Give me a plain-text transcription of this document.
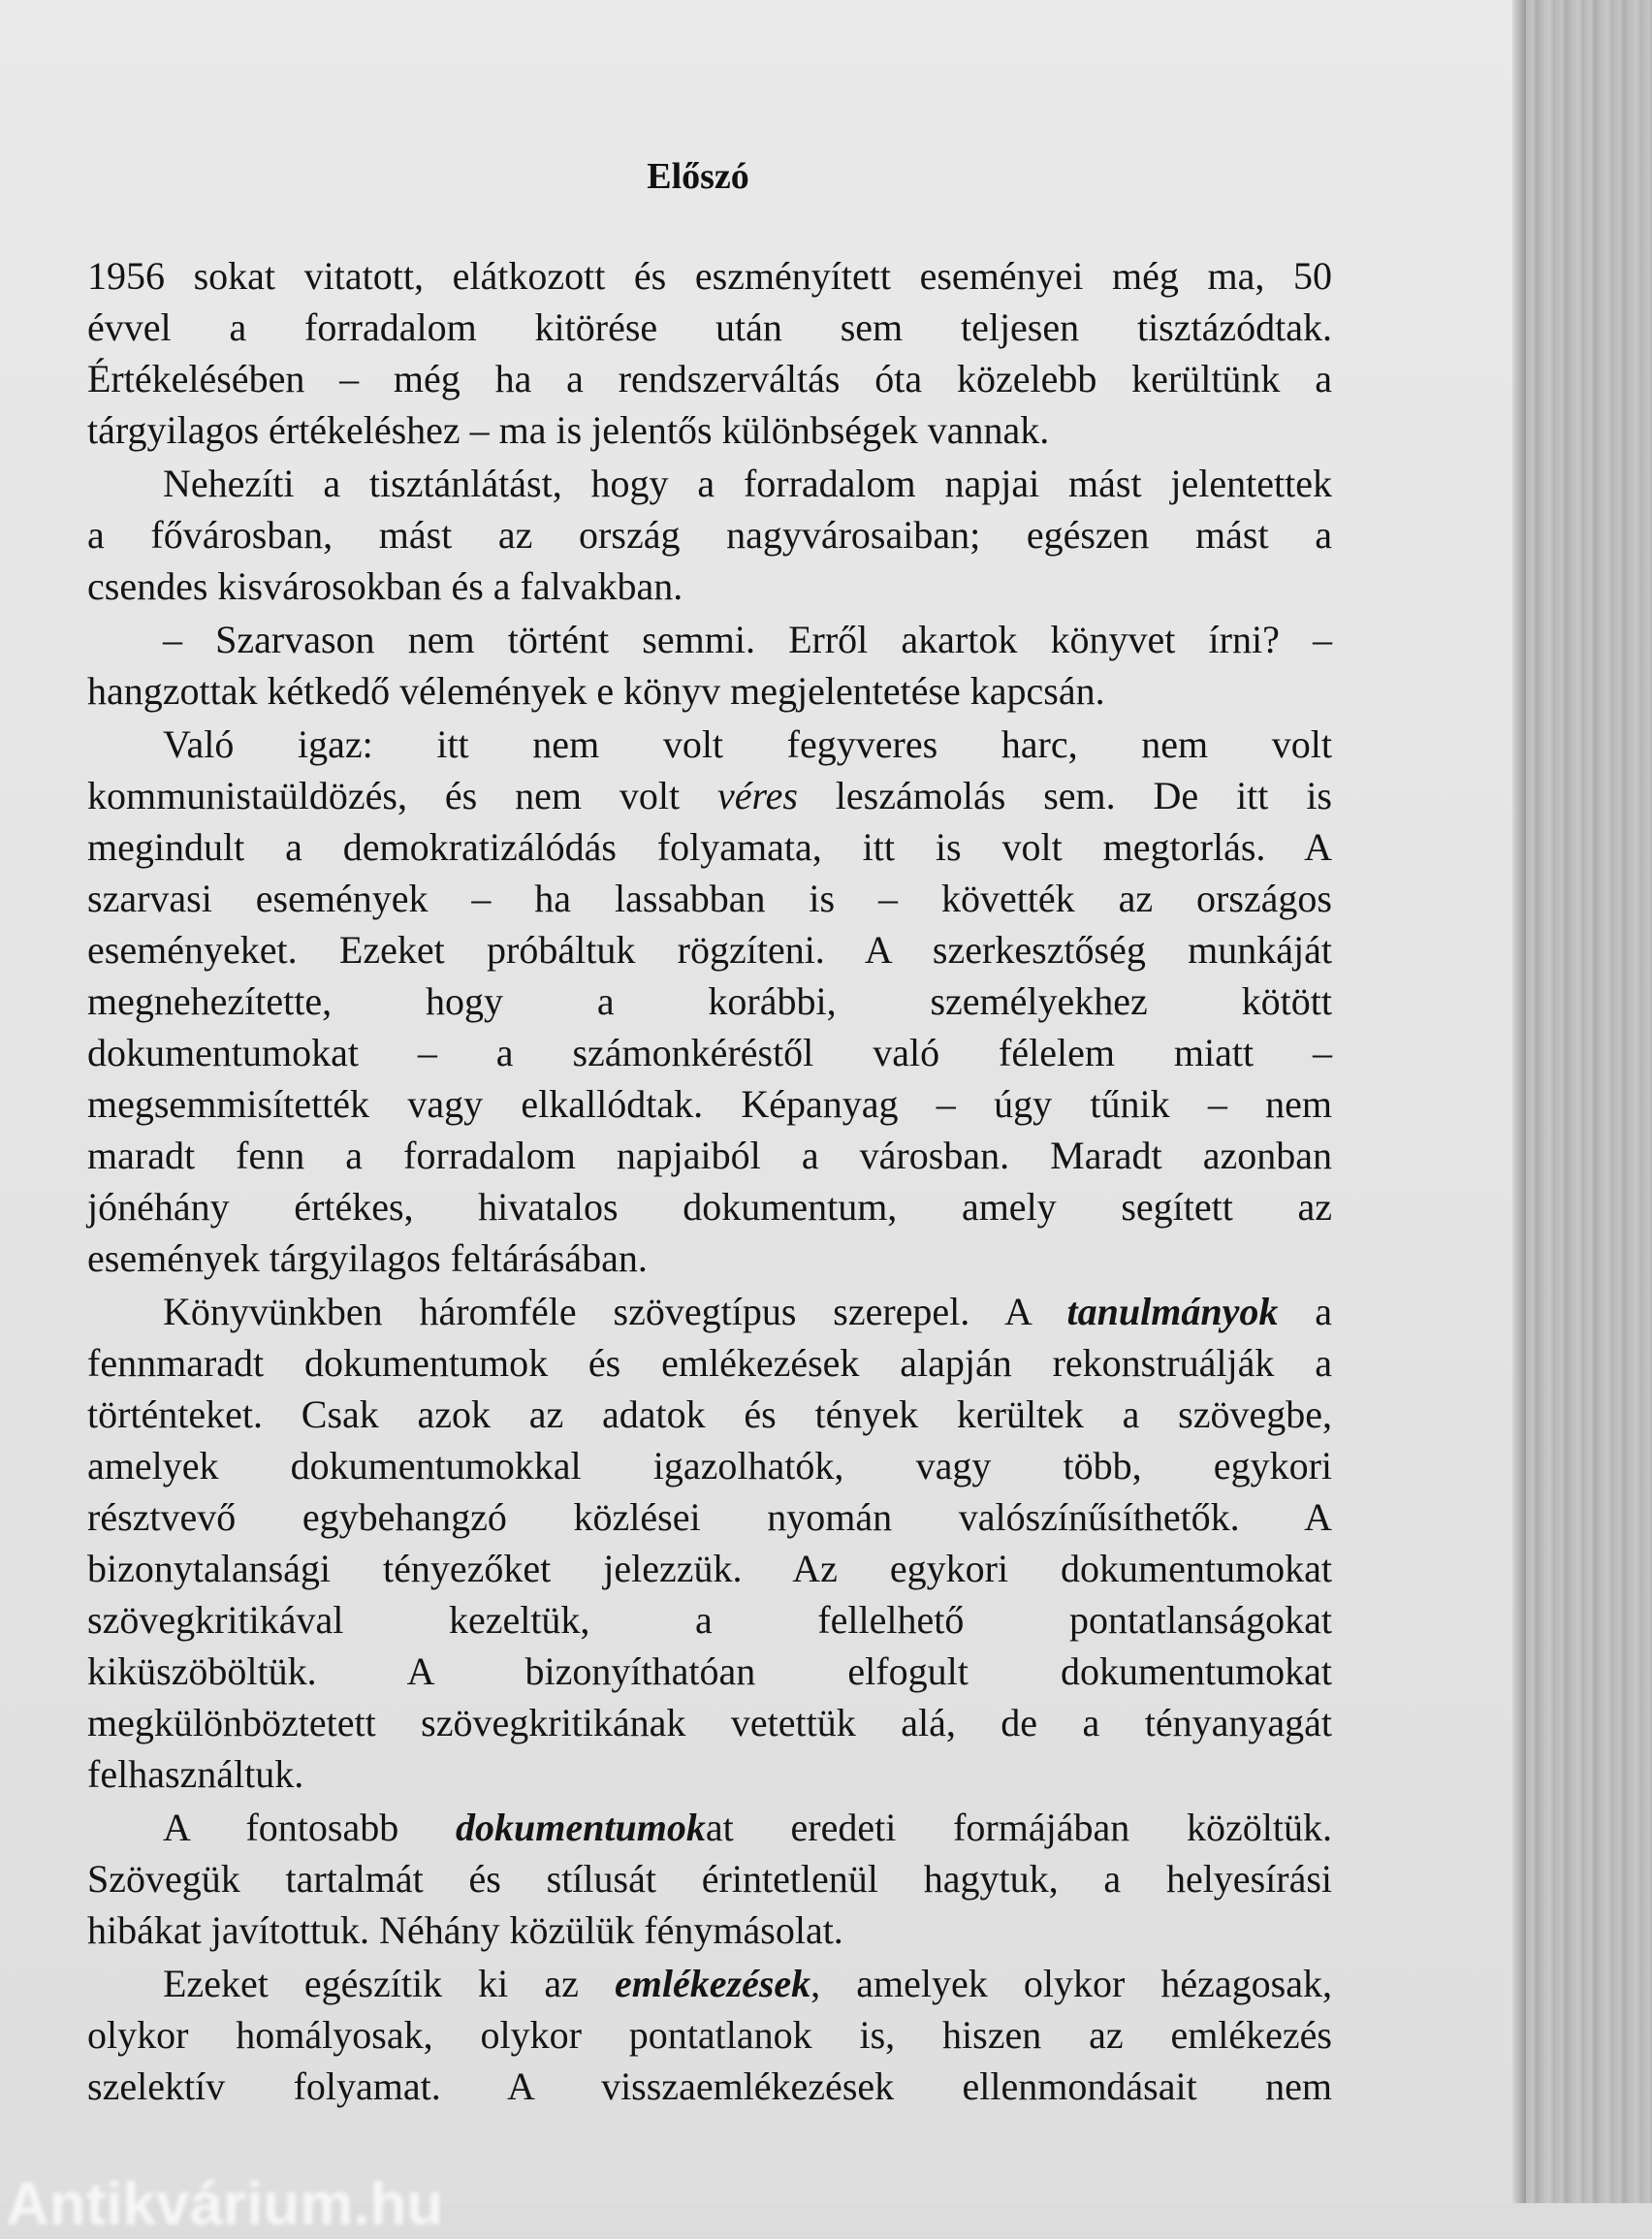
Előszó
1956 sokat vitatott, elátkozott és eszményített eseményei még ma, 50
évvel a forradalom kitörése után sem teljesen tisztázódtak.
Értékelésében – még ha a rendszerváltás óta közelebb kerültünk a
tárgyilagos értékeléshez – ma is jelentős különbségek vannak.
Nehezíti a tisztánlátást, hogy a forradalom napjai mást jelentettek
a fővárosban, mást az ország nagyvárosaiban; egészen mást a
csendes kisvárosokban és a falvakban.
– Szarvason nem történt semmi. Erről akartok könyvet írni? –
hangzottak kétkedő vélemények e könyv megjelentetése kapcsán.
Való igaz: itt nem volt fegyveres harc, nem volt
kommunistaüldözés, és nem volt véres leszámolás sem. De itt is
megindult a demokratizálódás folyamata, itt is volt megtorlás. A
szarvasi események – ha lassabban is – követték az országos
eseményeket. Ezeket próbáltuk rögzíteni. A szerkesztőség munkáját
megnehezítette, hogy a korábbi, személyekhez kötött
dokumentumokat – a számonkéréstől való félelem miatt –
megsemmisítették vagy elkallódtak. Képanyag – úgy tűnik – nem
maradt fenn a forradalom napjaiból a városban. Maradt azonban
jónéhány értékes, hivatalos dokumentum, amely segített az
események tárgyilagos feltárásában.
Könyvünkben háromféle szövegtípus szerepel. A tanulmányok a
fennmaradt dokumentumok és emlékezések alapján rekonstruálják a
történteket. Csak azok az adatok és tények kerültek a szövegbe,
amelyek dokumentumokkal igazolhatók, vagy több, egykori
résztvevő egybehangzó közlései nyomán valószínűsíthetők. A
bizonytalansági tényezőket jelezzük. Az egykori dokumentumokat
szövegkritikával kezeltük, a fellelhető pontatlanságokat
kiküszöböltük. A bizonyíthatóan elfogult dokumentumokat
megkülönböztetett szövegkritikának vetettük alá, de a tényanyagát
felhasználtuk.
A fontosabb dokumentumokat eredeti formájában közöltük.
Szövegük tartalmát és stílusát érintetlenül hagytuk, a helyesírási
hibákat javítottuk. Néhány közülük fénymásolat.
Ezeket egészítik ki az emlékezések, amelyek olykor hézagosak,
olykor homályosak, olykor pontatlanok is, hiszen az emlékezés
szelektív folyamat. A visszaemlékezések ellenmondásait nem
Antikvárium.hu
